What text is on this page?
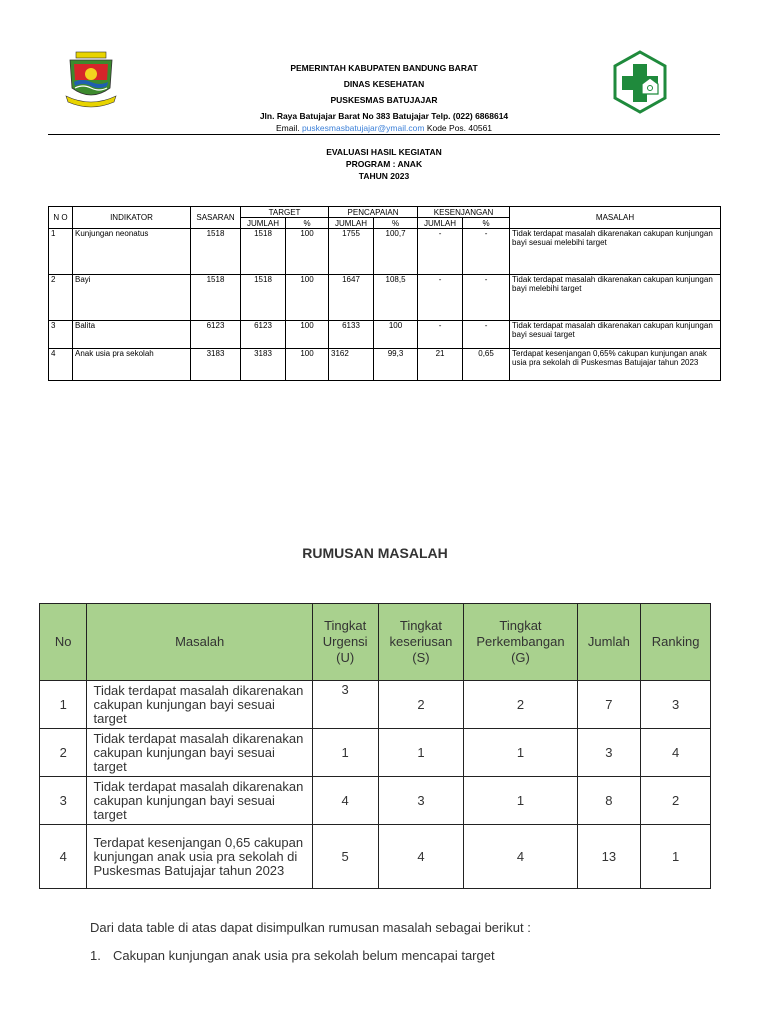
PEMERINTAH KABUPATEN BANDUNG BARAT
DINAS KESEHATAN
PUSKESMAS BATUJAJAR
Jln. Raya Batujajar Barat No 383 Batujajar Telp. (022) 6868614
Email. puskesmasbatujajar@ymail.com Kode Pos. 40561
EVALUASI HASIL KEGIATAN
PROGRAM : ANAK
TAHUN 2023
N O	INDIKATOR	SASARAN	TARGET		PENCAPAIAN		KESENJANGAN		MASALAH
			JUMLAH	%	JUMLAH	%	JUMLAH	%	
1	Kunjungan neonatus	1518	1518	100	1755	100,7	-	-	Tidak terdapat masalah dikarenakan cakupan kunjungan bayi sesuai melebihi target
2	Bayi	1518	1518	100	1647	108,5	-	-	Tidak terdapat masalah dikarenakan cakupan kunjungan bayi melebihi target
3	Balita	6123	6123	100	6133	100	-	-	Tidak terdapat masalah dikarenakan cakupan kunjungan bayi sesuai target
4	Anak usia pra sekolah	3183	3183	100	3162	99,3	21	0,65	Terdapat kesenjangan 0,65% cakupan kunjungan anak usia pra sekolah di Puskesmas Batujajar tahun 2023
RUMUSAN MASALAH
No	Masalah	Tingkat Urgensi (U)	Tingkat keseriusan (S)	Tingkat Perkembangan (G)	Jumlah	Ranking
1	Tidak terdapat masalah dikarenakan cakupan kunjungan bayi sesuai target	3	2	2	7	3
2	Tidak terdapat masalah dikarenakan cakupan kunjungan bayi sesuai target	1	1	1	3	4
3	Tidak terdapat masalah dikarenakan cakupan kunjungan bayi sesuai target	4	3	1	8	2
4	Terdapat kesenjangan 0,65 cakupan kunjungan anak usia pra sekolah di Puskesmas Batujajar tahun 2023	5	4	4	13	1
Dari data table di atas dapat disimpulkan rumusan masalah sebagai berikut :
1. Cakupan kunjungan anak usia pra sekolah belum mencapai target
